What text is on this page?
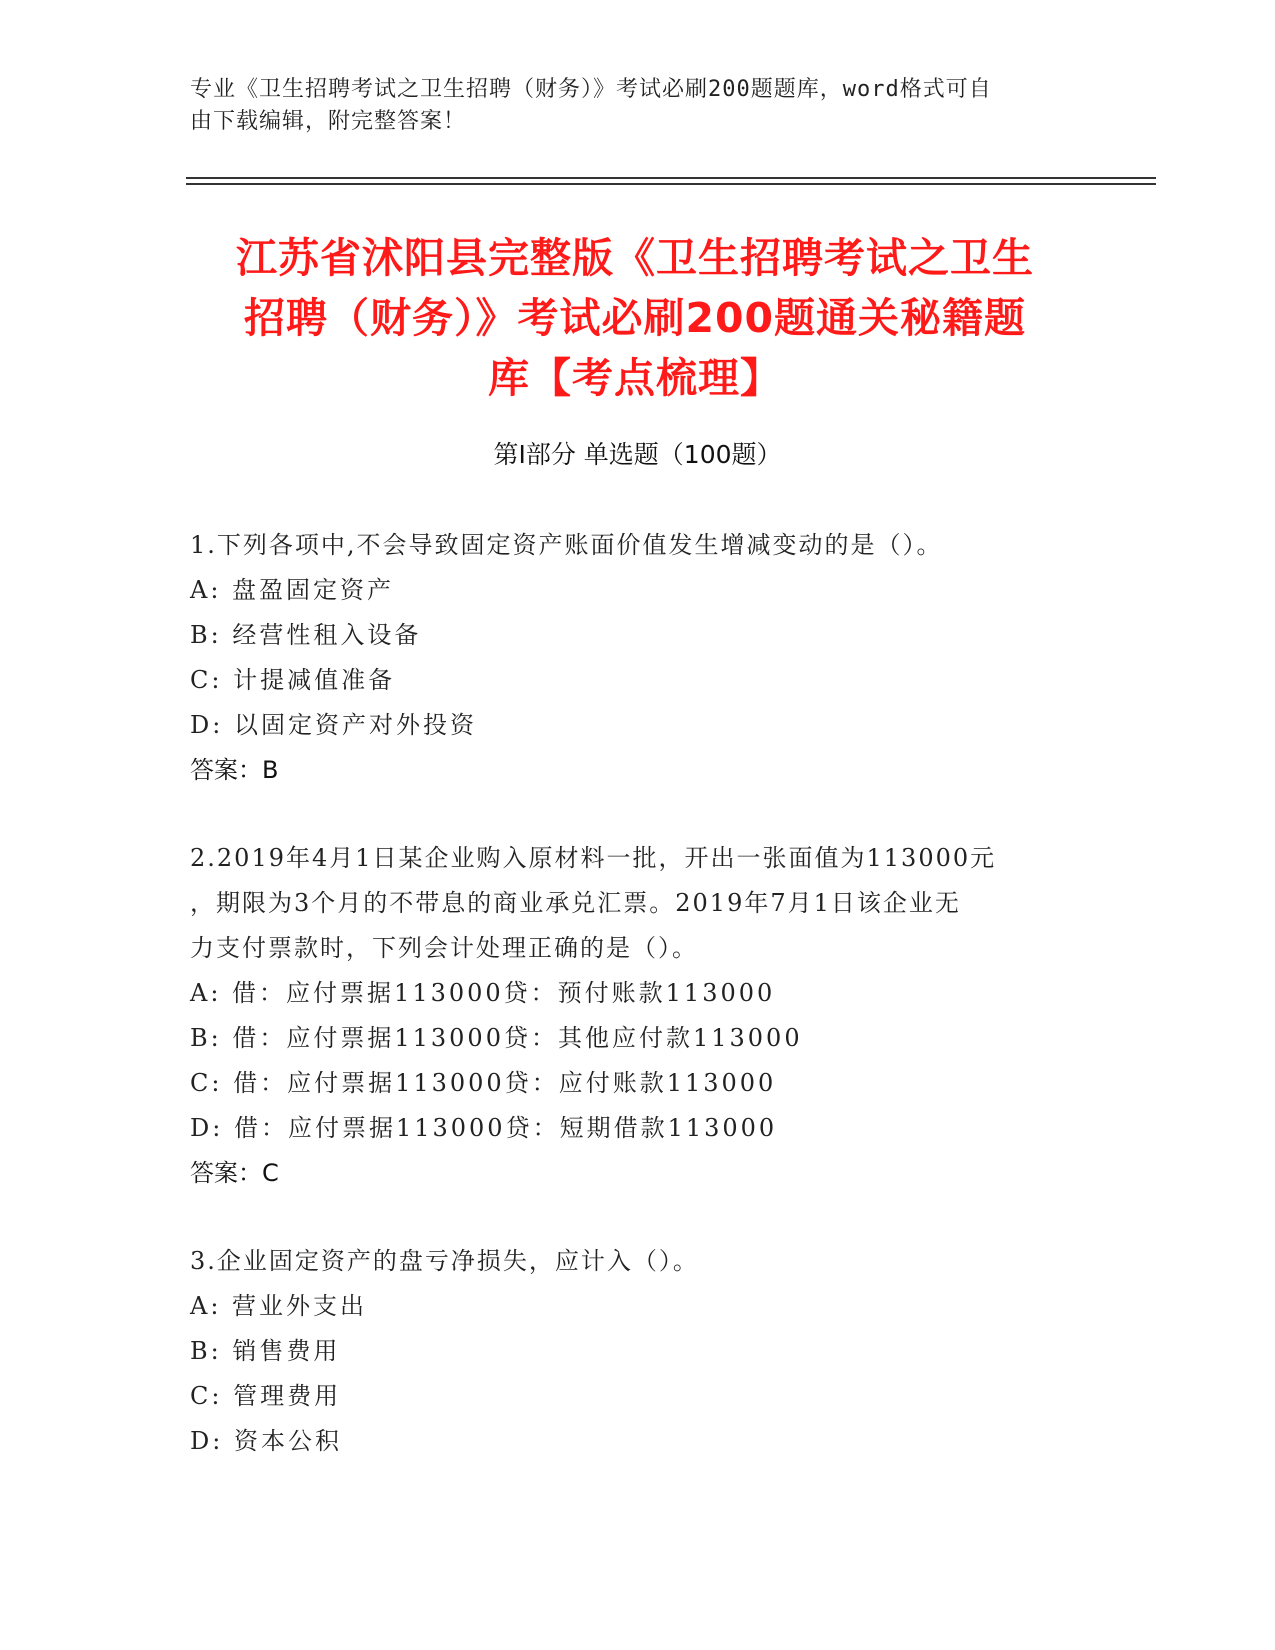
专业《卫生招聘考试之卫生招聘（财务）》考试必刷200题题库，word格式可自
由下载编辑，附完整答案！
江苏省沭阳县完整版《卫生招聘考试之卫生
招聘（财务）》考试必刷200题通关秘籍题
库【考点梳理】
第Ⅰ部分 单选题（100题）
1.下列各项中,不会导致固定资产账面价值发生增减变动的是（）。
A: 盘盈固定资产
B: 经营性租入设备
C: 计提减值准备
D: 以固定资产对外投资
答案：B
2.2019年4月1日某企业购入原材料一批，开出一张面值为113000元
，期限为3个月的不带息的商业承兑汇票。2019年7月1日该企业无
力支付票款时，下列会计处理正确的是（）。
A: 借：应付票据113000贷：预付账款113000
B: 借：应付票据113000贷：其他应付款113000
C: 借：应付票据113000贷：应付账款113000
D: 借：应付票据113000贷：短期借款113000
答案：C
3.企业固定资产的盘亏净损失，应计入（）。
A: 营业外支出
B: 销售费用
C: 管理费用
D: 资本公积
